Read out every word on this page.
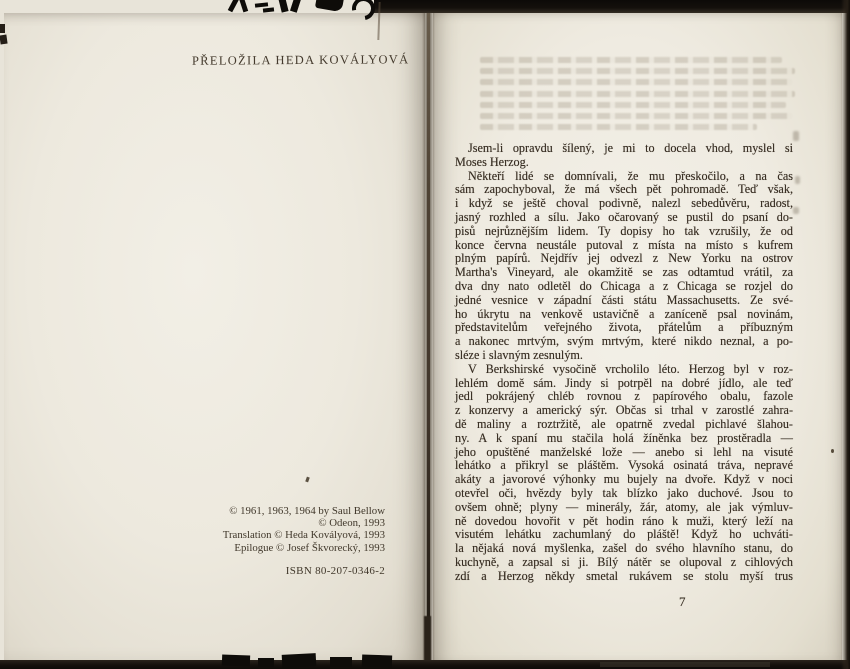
PŘELOŽILA HEDA KOVÁLYOVÁ
© 1961, 1963, 1964 by Saul Bellow
© Odeon, 1993
Translation © Heda Kovályová, 1993
Epilogue © Josef Škvorecký, 1993
ISBN 80-207-0346-2
Jsem-li opravdu šílený, je mi to docela vhod, myslel si
Moses Herzog.
Někteří lidé se domnívali, že mu přeskočilo, a na čas
sám zapochyboval, že má všech pět pohromadě. Teď však,
i když se ještě choval podivně, nalezl sebedůvěru, radost,
jasný rozhled a sílu. Jako očarovaný se pustil do psaní do-
pisů nejrůznějším lidem. Ty dopisy ho tak vzrušily, že od
konce června neustále putoval z místa na místo s kufrem
plným papírů. Nejdřív jej odvezl z New Yorku na ostrov
Martha's Vineyard, ale okamžitě se zas odtamtud vrátil, za
dva dny nato odletěl do Chicaga a z Chicaga se rozjel do
jedné vesnice v západní části státu Massachusetts. Ze své-
ho úkrytu na venkově ustavičně a zaníceně psal novinám,
představitelům veřejného života, přátelům a příbuzným
a nakonec mrtvým, svým mrtvým, které nikdo neznal, a po-
sléze i slavným zesnulým.
V Berkshirské vysočině vrcholilo léto. Herzog byl v roz-
lehlém domě sám. Jindy si potrpěl na dobré jídlo, ale teď
jedl pokrájený chléb rovnou z papírového obalu, fazole
z konzervy a americký sýr. Občas si trhal v zarostlé zahra-
dě maliny a roztržitě, ale opatrně zvedal pichlavé šlahou-
ny. A k spaní mu stačila holá žíněnka bez prostěradla —
jeho opuštěné manželské lože — anebo si lehl na visuté
lehátko a přikryl se pláštěm. Vysoká osinatá tráva, nepravé
akáty a javorové výhonky mu bujely na dvoře. Když v noci
otevřel oči, hvězdy byly tak blízko jako duchové. Jsou to
ovšem ohně; plyny — minerály, žár, atomy, ale jak výmluv-
ně dovedou hovořit v pět hodin ráno k muži, který leží na
visutém lehátku zachumlaný do pláště! Když ho uchváti-
la nějaká nová myšlenka, zašel do svého hlavního stanu, do
kuchyně, a zapsal si ji. Bílý nátěr se olupoval z cihlových
zdí a Herzog někdy smetal rukávem se stolu myší trus
7
